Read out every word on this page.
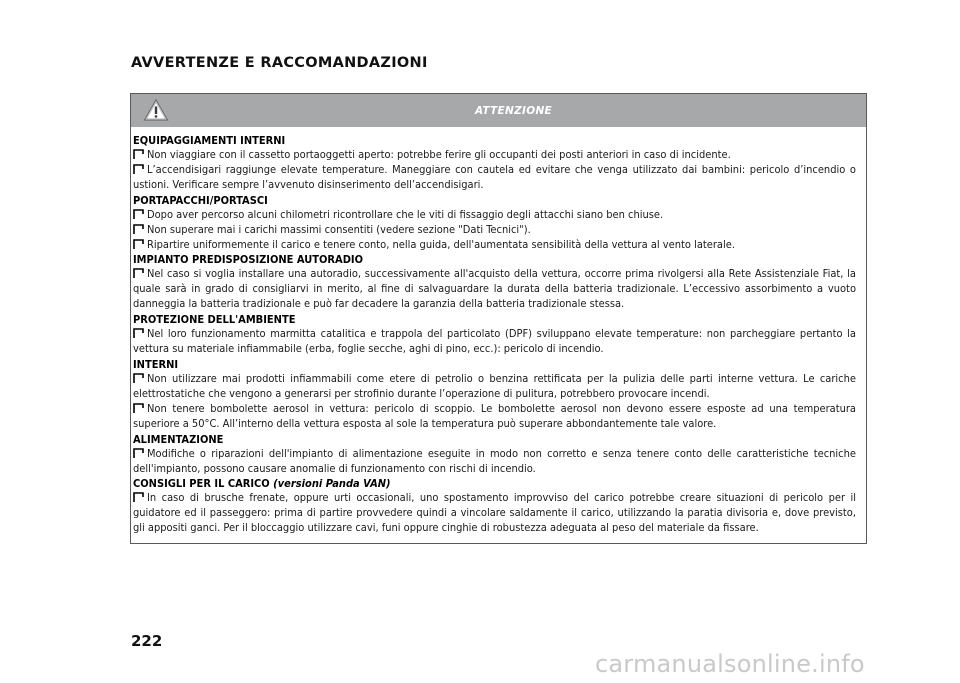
AVVERTENZE E RACCOMANDAZIONI
ATTENZIONE
EQUIPAGGIAMENTI INTERNI

Non viaggiare con il cassetto portaoggetti aperto: potrebbe ferire gli occupanti dei posti anteriori in caso di incidente.

L’accendisigari raggiunge elevate temperature. Maneggiare con cautela ed evitare che venga utilizzato dai bambini: pericolo d’incendio o ustioni. Verificare sempre l’avvenuto disinserimento dell’accendisigari.

PORTAPACCHI/PORTASCI

Dopo aver percorso alcuni chilometri ricontrollare che le viti di fissaggio degli attacchi siano ben chiuse.

Non superare mai i carichi massimi consentiti (vedere sezione "Dati Tecnici").

Ripartire uniformemente il carico e tenere conto, nella guida, dell'aumentata sensibilità della vettura al vento laterale.

IMPIANTO PREDISPOSIZIONE AUTORADIO

Nel caso si voglia installare una autoradio, successivamente all'acquisto della vettura, occorre prima rivolgersi alla Rete Assistenziale Fiat, la quale sarà in grado di consigliarvi in merito, al fine di salvaguardare la durata della batteria tradizionale. L’eccessivo assorbimento a vuoto danneggia la batteria tradizionale e può far decadere la garanzia della batteria tradizionale stessa.

PROTEZIONE DELL'AMBIENTE

Nel loro funzionamento marmitta catalitica e trappola del particolato (DPF) sviluppano elevate temperature: non parcheggiare pertanto la vettura su materiale infiammabile (erba, foglie secche, aghi di pino, ecc.): pericolo di incendio.

INTERNI

Non utilizzare mai prodotti infiammabili come etere di petrolio o benzina rettificata per la pulizia delle parti interne vettura. Le cariche elettrostatiche che vengono a generarsi per strofinio durante l’operazione di pulitura, potrebbero provocare incendi.

Non tenere bombolette aerosol in vettura: pericolo di scoppio. Le bombolette aerosol non devono essere esposte ad una temperatura superiore a 50°C. All’interno della vettura esposta al sole la temperatura può superare abbondantemente tale valore.

ALIMENTAZIONE

Modifiche o riparazioni dell'impianto di alimentazione eseguite in modo non corretto e senza tenere conto delle caratteristiche tecniche dell'impianto, possono causare anomalie di funzionamento con rischi di incendio.

CONSIGLI PER IL CARICO (versioni Panda VAN)

In caso di brusche frenate, oppure urti occasionali, uno spostamento improvviso del carico potrebbe creare situazioni di pericolo per il guidatore ed il passeggero: prima di partire provvedere quindi a vincolare saldamente il carico, utilizzando la paratia divisoria e, dove previsto, gli appositi ganci. Per il bloccaggio utilizzare cavi, funi oppure cinghie di robustezza adeguata al peso del materiale da fissare.

222
carmanualsonline.info
